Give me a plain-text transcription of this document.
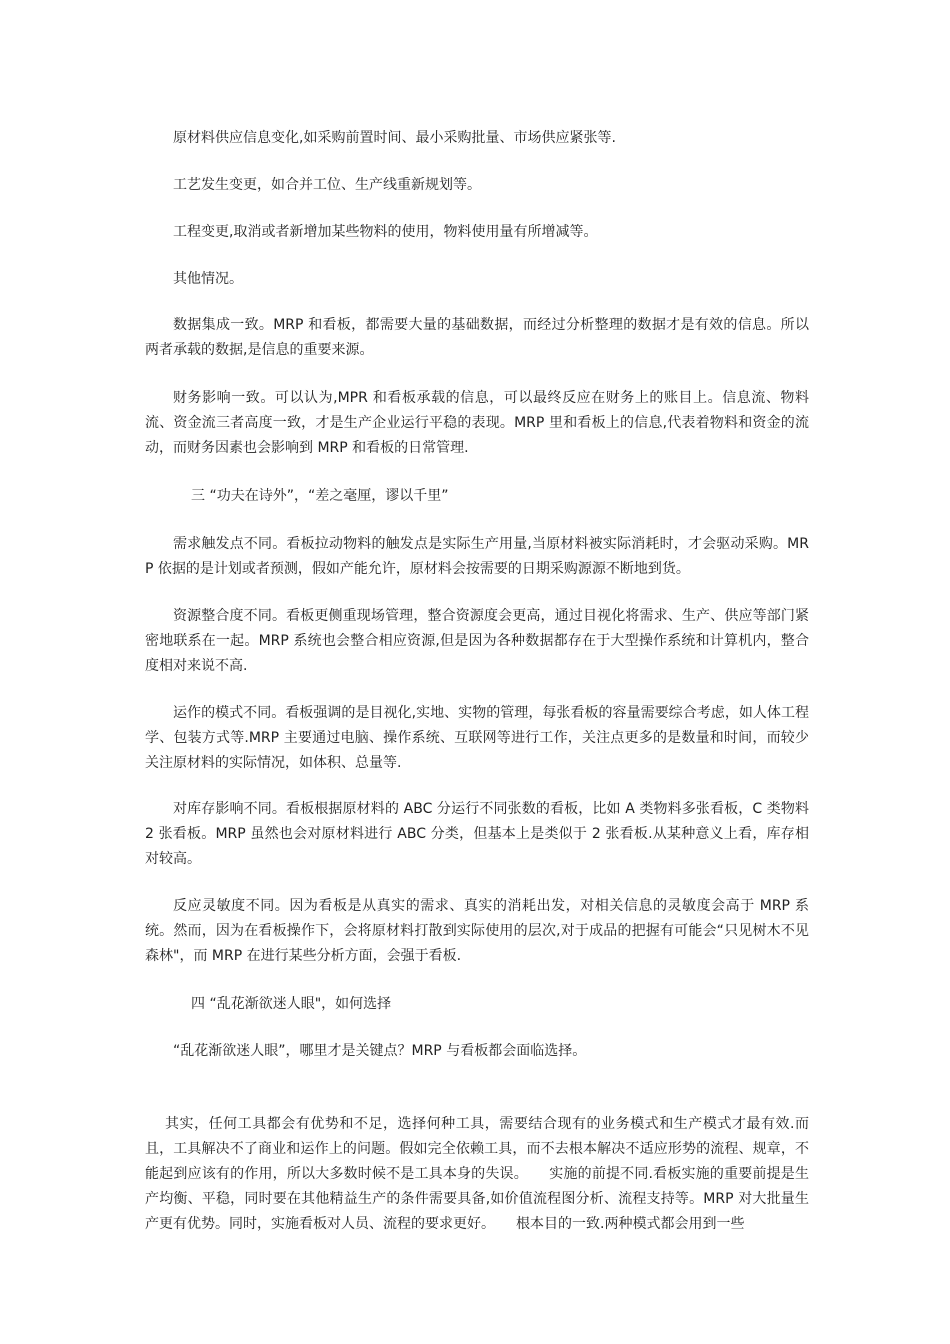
原材料供应信息变化,如采购前置时间、最小采购批量、市场供应紧张等.

工艺发生变更，如合并工位、生产线重新规划等。

工程变更,取消或者新增加某些物料的使用，物料使用量有所增减等。

其他情况。

数据集成一致。MRP 和看板，都需要大量的基础数据，而经过分析整理的数据才是有效的信息。所以两者承载的数据,是信息的重要来源。

财务影响一致。可以认为,MPR 和看板承载的信息，可以最终反应在财务上的账目上。信息流、物料流、资金流三者高度一致，才是生产企业运行平稳的表现。MRP 里和看板上的信息,代表着物料和资金的流动，而财务因素也会影响到 MRP 和看板的日常管理.

三 “功夫在诗外”，“差之毫厘，谬以千里”

需求触发点不同。看板拉动物料的触发点是实际生产用量,当原材料被实际消耗时，才会驱动采购。MRP 依据的是计划或者预测，假如产能允许，原材料会按需要的日期采购源源不断地到货。

资源整合度不同。看板更侧重现场管理，整合资源度会更高，通过目视化将需求、生产、供应等部门紧密地联系在一起。MRP 系统也会整合相应资源,但是因为各种数据都存在于大型操作系统和计算机内，整合度相对来说不高.

运作的模式不同。看板强调的是目视化,实地、实物的管理，每张看板的容量需要综合考虑，如人体工程学、包装方式等.MRP 主要通过电脑、操作系统、互联网等进行工作，关注点更多的是数量和时间，而较少关注原材料的实际情况，如体积、总量等.

对库存影响不同。看板根据原材料的 ABC 分运行不同张数的看板，比如 A 类物料多张看板，C 类物料 2 张看板。MRP 虽然也会对原材料进行 ABC 分类，但基本上是类似于 2 张看板.从某种意义上看，库存相对较高。

反应灵敏度不同。因为看板是从真实的需求、真实的消耗出发，对相关信息的灵敏度会高于 MRP 系统。然而，因为在看板操作下，会将原材料打散到实际使用的层次,对于成品的把握有可能会“只见树木不见森林"，而 MRP 在进行某些分析方面，会强于看板.

四 “乱花渐欲迷人眼"，如何选择

“乱花渐欲迷人眼”，哪里才是关键点？MRP 与看板都会面临选择。

其实，任何工具都会有优势和不足，选择何种工具，需要结合现有的业务模式和生产模式才最有效.而且，工具解决不了商业和运作上的问题。假如完全依赖工具，而不去根本解决不适应形势的流程、规章，不能起到应该有的作用，所以大多数时候不是工具本身的失误。　　实施的前提不同.看板实施的重要前提是生产均衡、平稳，同时要在其他精益生产的条件需要具备,如价值流程图分析、流程支持等。MRP 对大批量生产更有优势。同时，实施看板对人员、流程的要求更好。　　根本目的一致.两种模式都会用到一些
